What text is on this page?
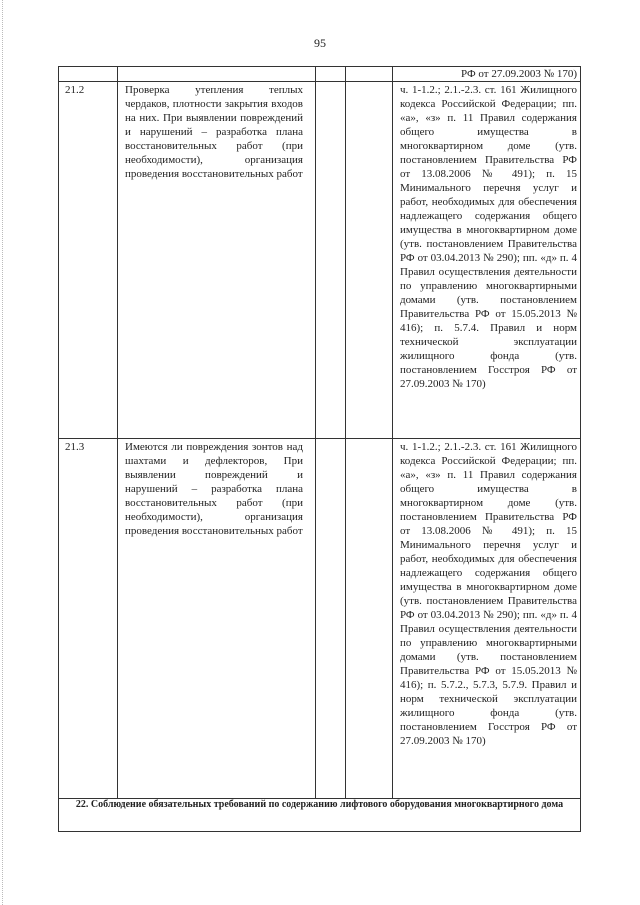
95
РФ от 27.09.2003 № 170)
21.2	Проверка утепления теплых чердаков, плотности закрытия входов на них. При выявлении повреждений и нарушений – разработка плана восстановительных работ (при необходимости), организация проведения восстановительных работ
ч. 1-1.2.; 2.1.-2.3. ст. 161 Жилищного кодекса Российской Федерации; пп. «а», «з» п. 11 Правил содержания общего имущества в многоквартирном доме (утв. постановлением Правительства РФ от 13.08.2006 № 491); п. 15 Минимального перечня услуг и работ, необходимых для обеспечения надлежащего содержания общего имущества в многоквартирном доме (утв. постановлением Правительства РФ от 03.04.2013 № 290); пп. «д» п. 4 Правил осуществления деятельности по управлению многоквартирными домами (утв. постановлением Правительства РФ от 15.05.2013 № 416); п. 5.7.4. Правил и норм технической эксплуатации жилищного фонда (утв. постановлением Госстроя РФ от 27.09.2003 № 170)
21.3	Имеются ли повреждения зонтов над шахтами и дефлекторов, При выявлении повреждений и нарушений – разработка плана восстановительных работ (при необходимости), организация проведения восстановительных работ
ч. 1-1.2.; 2.1.-2.3. ст. 161 Жилищного кодекса Российской Федерации; пп. «а», «з» п. 11 Правил содержания общего имущества в многоквартирном доме (утв. постановлением Правительства РФ от 13.08.2006 № 491); п. 15 Минимального перечня услуг и работ, необходимых для обеспечения надлежащего содержания общего имущества в многоквартирном доме (утв. постановлением Правительства РФ от 03.04.2013 № 290); пп. «д» п. 4 Правил осуществления деятельности по управлению многоквартирными домами (утв. постановлением Правительства РФ от 15.05.2013 № 416); п. 5.7.2., 5.7.3, 5.7.9. Правил и норм технической эксплуатации жилищного фонда (утв. постановлением Госстроя РФ от 27.09.2003 № 170)
22. Соблюдение обязательных требований по содержанию лифтового оборудования многоквартирного дома
